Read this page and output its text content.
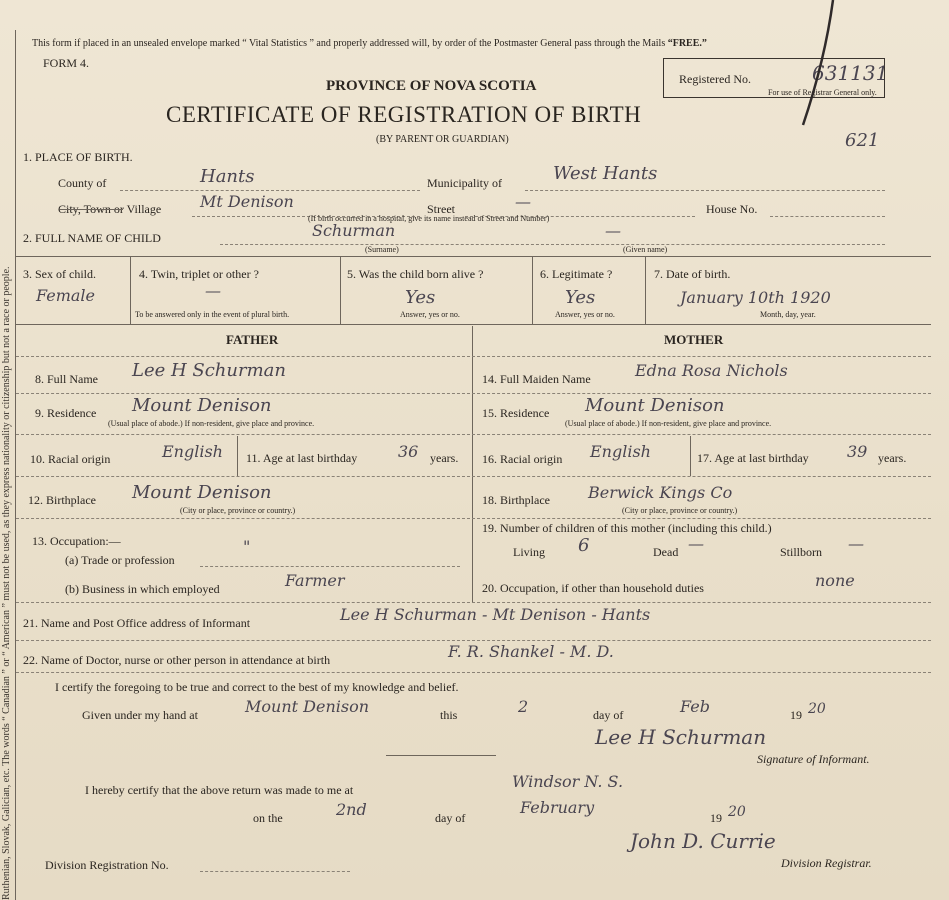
Ruthenian, Slovak, Galician, etc. The words “ Canadian ” or “ American ” must not be used, as they express nationality or citizenship but not a race or people.
This form if placed in an unsealed envelope marked “ Vital Statistics ” and properly addressed will, by order of the Postmaster General pass through the Mails “FREE.”
FORM 4.
PROVINCE OF NOVA SCOTIA
CERTIFICATE OF REGISTRATION OF BIRTH
(BY PARENT OR GUARDIAN)
Registered No.	631131
For use of Registrar General only.
621
1. PLACE OF BIRTH.
County of	Hants	Municipality of	West Hants
City, Town or Village Mt Denison	Street	—	House No.
(If birth occurred in a hospital, give its name instead of Street and Number)
2. FULL NAME OF CHILD	Schurman	—
(Surname)	(Given name)
3. Sex of child.
Female
4. Twin, triplet or other ?
—
To be answered only in the event of plural birth.
5. Was the child born alive ?
Yes
Answer, yes or no.
6. Legitimate ?
Yes
Answer, yes or no.
7. Date of birth.
January 10th 1920
Month, day, year.
FATHER	MOTHER
8. Full Name Lee H Schurman
9. Residence Mount Denison
(Usual place of abode.) If non-resident, give place and province.
10. Racial origin	English 11. Age at last birthday	36 years.
12. Birthplace Mount Denison
(City or place, province or country.)
13. Occupation:—
(a) Trade or profession
"
(b) Business in which employed	Farmer
14. Full Maiden Name	Edna Rosa Nichols
15. Residence Mount Denison
(Usual place of abode.) If non-resident, give place and province.
16. Racial origin English	17. Age at last birthday 39 years.
18. Birthplace Berwick Kings Co
(City or place, province or country.)
19. Number of children of this mother (including this child.)
Living 6	Dead —	Stillborn —
20. Occupation, if other than household duties	none
21. Name and Post Office address of Informant	Lee H Schurman - Mt Denison - Hants
22. Name of Doctor, nurse or other person in attendance at birth	F. R. Shankel - M. D.
I certify the foregoing to be true and correct to the best of my knowledge and belief.
Given under my hand at	Mount Denison	this	2	day of	Feb	19 20
Lee H Schurman
Signature of Informant.
I hereby certify that the above return was made to me at	Windsor N. S.
on the	2nd	day of
February
19 20
Division Registration No.
John D. Currie
Division Registrar.
